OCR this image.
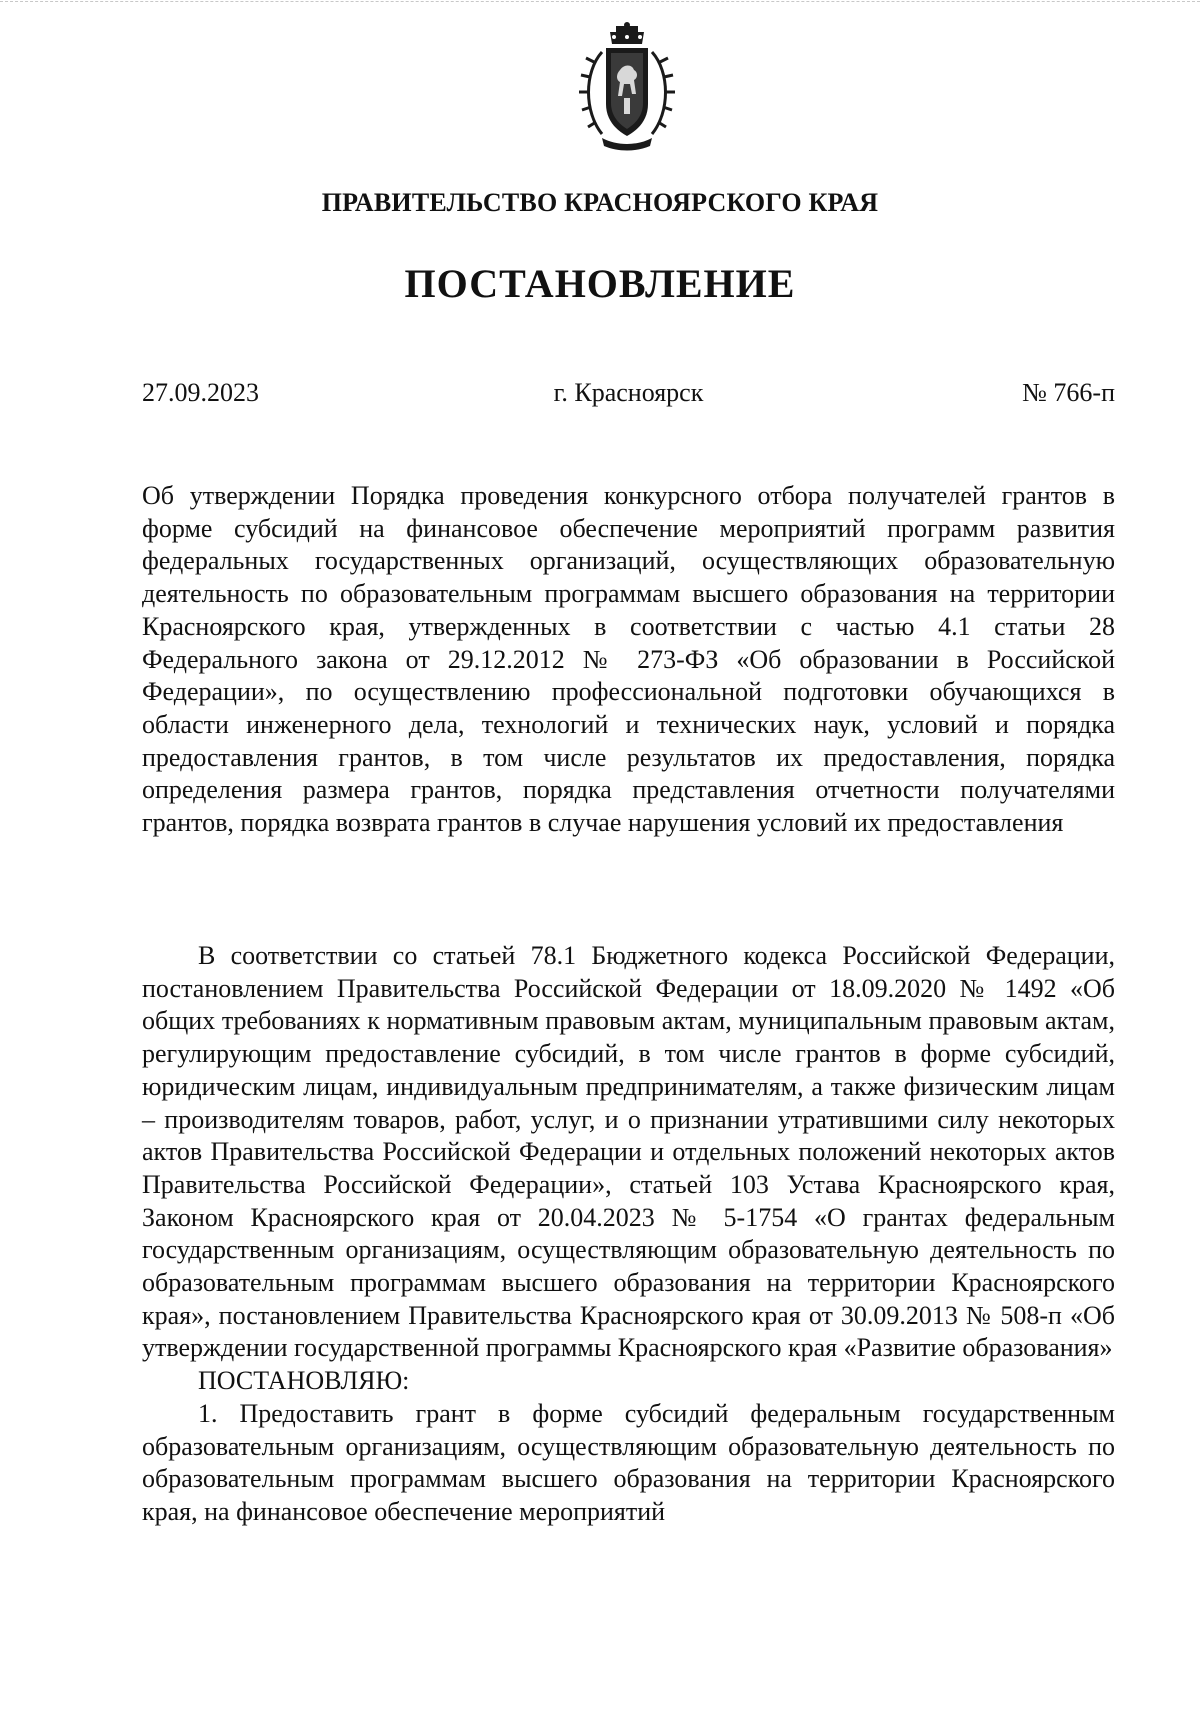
ПРАВИТЕЛЬСТВО КРАСНОЯРСКОГО КРАЯ
ПОСТАНОВЛЕНИЕ
27.09.2023	г. Красноярск	№ 766-п
Об утверждении Порядка проведения конкурсного отбора получателей грантов в форме субсидий на финансовое обеспечение мероприятий программ развития федеральных государственных организаций, осуществляющих образовательную деятельность по образовательным программам высшего образования на территории Красноярского края, утвержденных в соответствии с частью 4.1 статьи 28 Федерального закона от 29.12.2012 № 273-ФЗ «Об образовании в Российской Федерации», по осуществлению профессиональной подготовки обучающихся в области инженерного дела, технологий и технических наук, условий и порядка предоставления грантов, в том числе результатов их предоставления, порядка определения размера грантов, порядка представления отчетности получателями грантов, порядка возврата грантов в случае нарушения условий их предоставления

В соответствии со статьей 78.1 Бюджетного кодекса Российской Федерации, постановлением Правительства Российской Федерации от 18.09.2020 № 1492 «Об общих требованиях к нормативным правовым актам, муниципальным правовым актам, регулирующим предоставление субсидий, в том числе грантов в форме субсидий, юридическим лицам, индивидуальным предпринимателям, а также физическим лицам – производителям товаров, работ, услуг, и о признании утратившими силу некоторых актов Правительства Российской Федерации и отдельных положений некоторых актов Правительства Российской Федерации», статьей 103 Устава Красноярского края, Законом Красноярского края от 20.04.2023 № 5-1754 «О грантах федеральным государственным организациям, осуществляющим образовательную деятельность по образовательным программам высшего образования на территории Красноярского края», постановлением Правительства Красноярского края от 30.09.2013 № 508-п «Об утверждении государственной программы Красноярского края «Развитие образования»

ПОСТАНОВЛЯЮ:

1. Предоставить грант в форме субсидий федеральным государственным образовательным организациям, осуществляющим образовательную деятельность по образовательным программам высшего образования на территории Красноярского края, на финансовое обеспечение мероприятий
